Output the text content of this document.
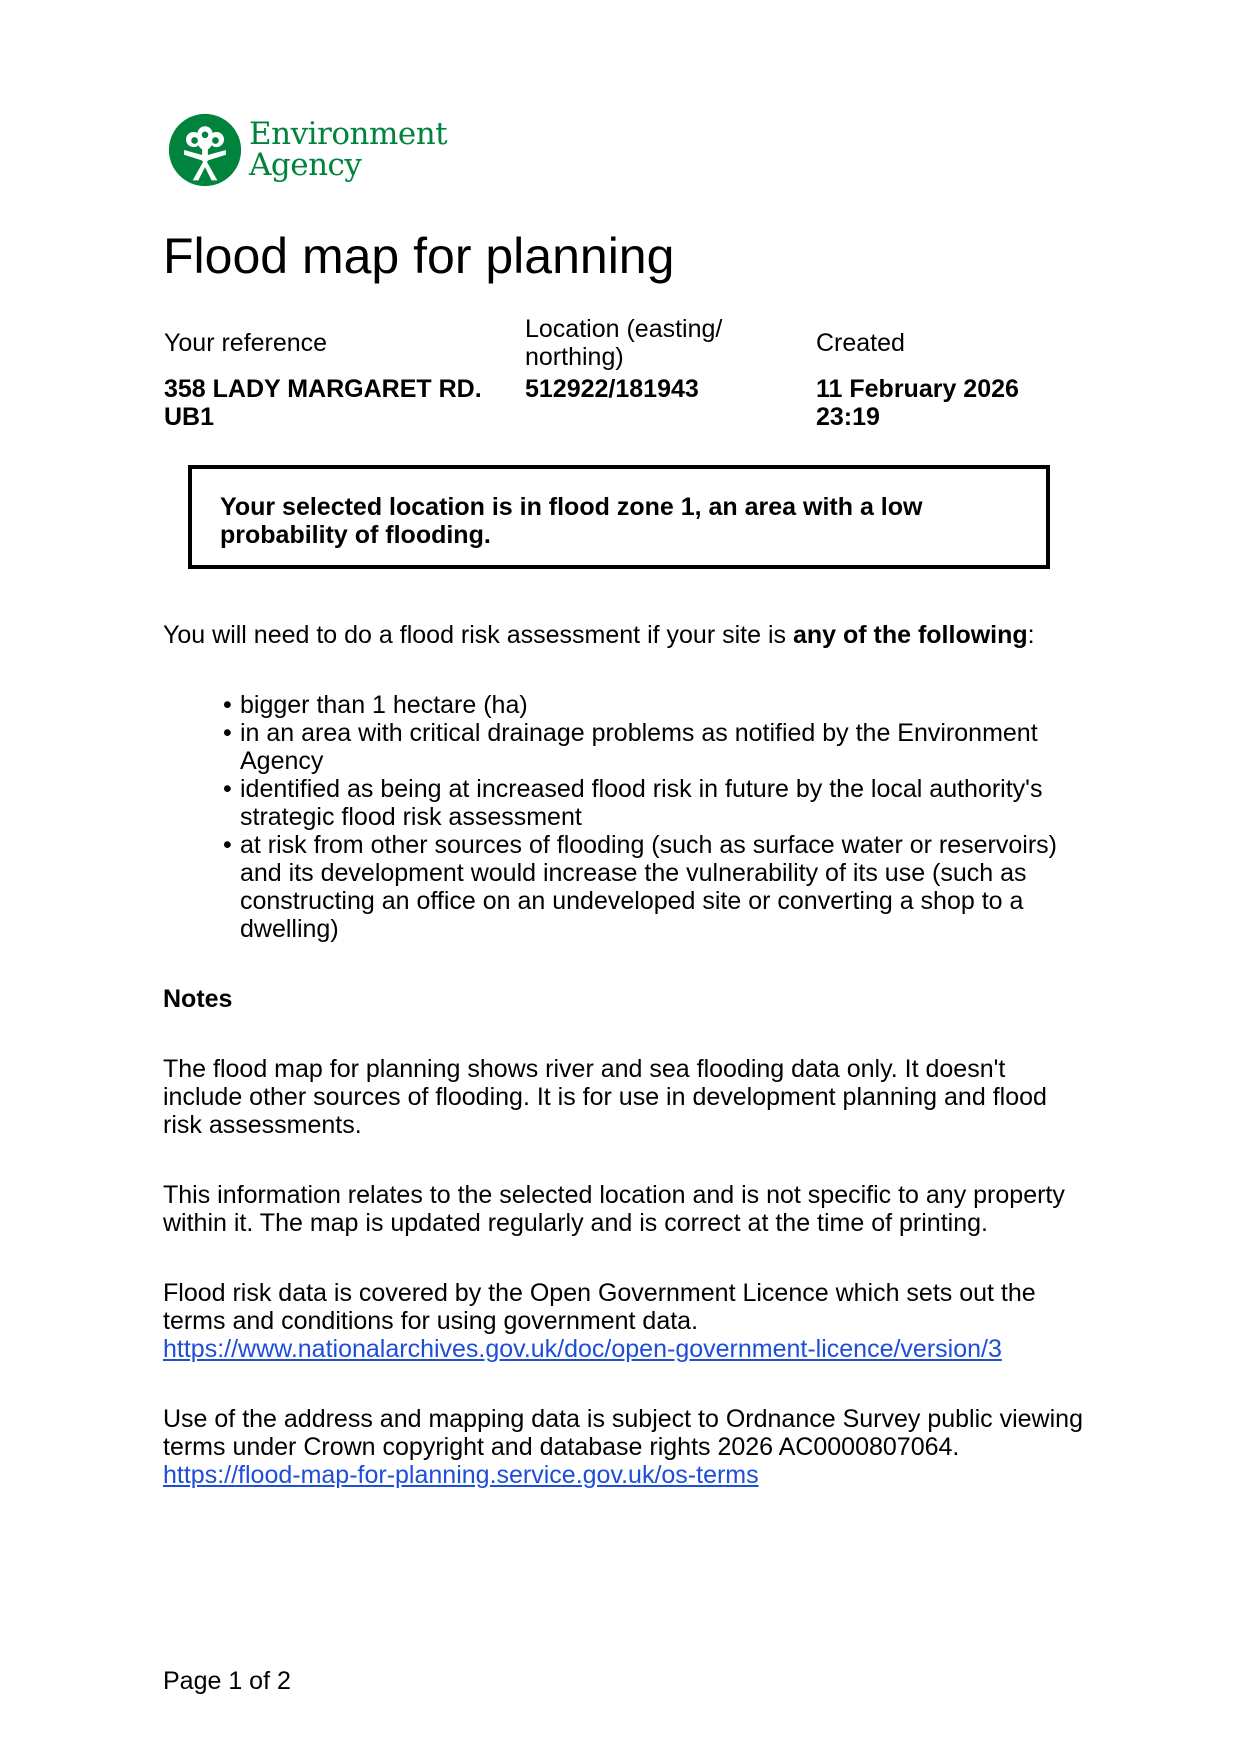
Environment
Agency
Flood map for planning
Your reference
358 LADY MARGARET RD. UB1
Location (easting/ northing)
512922/181943
Created
11 February 2026 23:19
Your selected location is in flood zone 1, an area with a low probability of flooding.
You will need to do a flood risk assessment if your site is any of the following:
• bigger than 1 hectare (ha)
• in an area with critical drainage problems as notified by the Environment Agency
• identified as being at increased flood risk in future by the local authority's strategic flood risk assessment
• at risk from other sources of flooding (such as surface water or reservoirs) and its development would increase the vulnerability of its use (such as constructing an office on an undeveloped site or converting a shop to a dwelling)
Notes
The flood map for planning shows river and sea flooding data only. It doesn't include other sources of flooding. It is for use in development planning and flood risk assessments.
This information relates to the selected location and is not specific to any property within it. The map is updated regularly and is correct at the time of printing.
Flood risk data is covered by the Open Government Licence which sets out the terms and conditions for using government data. https://www.nationalarchives.gov.uk/doc/open-government-licence/version/3
Use of the address and mapping data is subject to Ordnance Survey public viewing terms under Crown copyright and database rights 2026 AC0000807064. https://flood-map-for-planning.service.gov.uk/os-terms
Page 1 of 2
